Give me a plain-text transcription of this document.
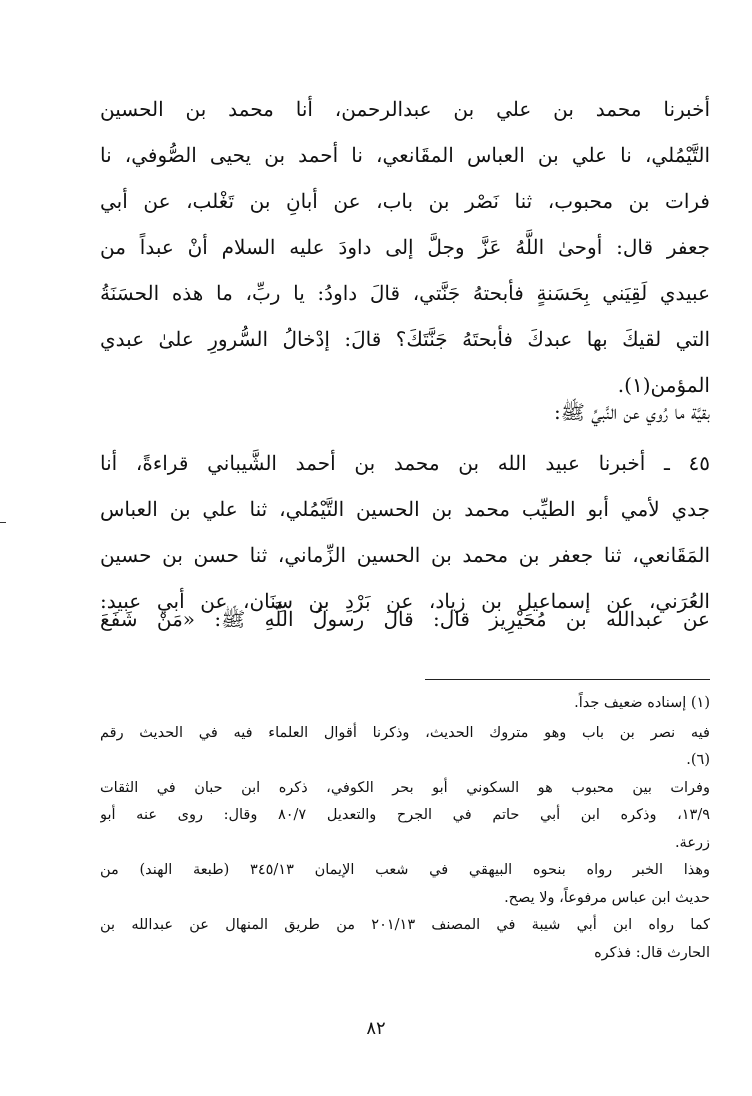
أخبرنا محمد بن علي بن عبدالرحمن، أنا محمد بن الحسين
التَّيْمُلي، نا علي بن العباس المقَانعي، نا أحمد بن يحيى الصُّوفي، نا
فرات بن محبوب، ثنا نَصْر بن باب، عن أبانِ بن تَغْلب، عن أبي
جعفر قال: أوحىٰ اللَّهُ عَزَّ وجلَّ إلى داودَ عليه السلام أنْ عبداً من
عبيدي لَقِيَني بِحَسَنةٍ فأبحتهُ جَنَّتي، قالَ داودُ: يا ربِّ، ما هذه الحسَنَةُ
التي لقيكَ بها عبدكَ فأبحتَهُ جَنَّتَكَ؟ قالَ: إدْخالُ السُّرورِ علىٰ عبدي
المؤمن(١).
بقيَّة ما رُوي عن النَّبيِّ ﷺ:
٤٥ ـ أخبرنا عبيد الله بن محمد بن أحمد الشَّيباني قراءةً، أنا
جدي لأمي أبو الطيِّب محمد بن الحسين التَّيْمُلي، ثنا علي بن العباس
المَقَانعي، ثنا جعفر بن محمد بن الحسين الزِّماني، ثنا حسن بن حسين
العُرَني، عن إسماعيل بن زياد، عن بَرْدِ بن سِنَان، عن أبي عبيد:
عن عبدالله بن مُحَيْرِيز قال: قالَ رسولُ اللَّهِ ﷺ: «مَنْ شَفَعَ
(١) إسناده ضعيف جداً.
فيه نصر بن باب وهو متروك الحديث، وذكرنا أقوال العلماء فيه في الحديث رقم
(٦).
وفرات بين محبوب هو السكوني أبو بحر الكوفي، ذكره ابن حبان في الثقات
١٣/٩، وذكره ابن أبي حاتم في الجرح والتعديل ٨٠/٧ وقال: روى عنه أبو
زرعة.
وهذا الخبر رواه بنحوه البيهقي في شعب الإيمان ٣٤٥/١٣ (طبعة الهند) من
حديث ابن عباس مرفوعاً، ولا يصح.
كما رواه ابن أبي شيبة في المصنف ٢٠١/١٣ من طريق المنهال عن عبدالله بن
الحارث قال: فذكره
٨٢
